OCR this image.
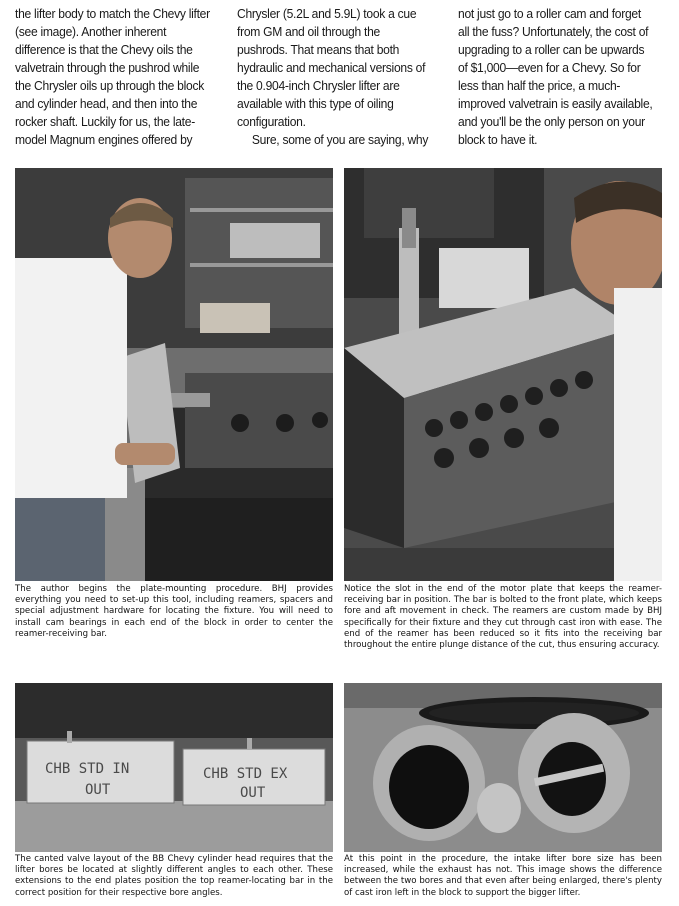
the lifter body to match the Chevy lifter (see image). Another inherent difference is that the Chevy oils the valvetrain through the pushrod while the Chrysler oils up through the block and cylinder head, and then into the rocker shaft. Luckily for us, the late-model Magnum engines offered by

Chrysler (5.2L and 5.9L) took a cue from GM and oil through the pushrods. That means that both hydraulic and mechanical versions of the 0.904-inch Chrysler lifter are available with this type of oiling configuration.

Sure, some of you are saying, why

not just go to a roller cam and forget all the fuss? Unfortunately, the cost of upgrading to a roller can be upwards of $1,000—even for a Chevy. So for less than half the price, a much-improved valvetrain is easily available, and you'll be the only person on your block to have it.

The author begins the plate-mounting procedure. BHJ provides everything you need to set-up this tool, including reamers, spacers and special adjustment hardware for locating the fixture. You will need to install cam bearings in each end of the block in order to center the reamer-receiving bar.

Notice the slot in the end of the motor plate that keeps the reamer-receiving bar in position. The bar is bolted to the front plate, which keeps fore and aft movement in check. The reamers are custom made by BHJ specifically for their fixture and they cut through cast iron with ease. The end of the reamer has been reduced so it fits into the receiving bar throughout the entire plunge distance of the cut, thus ensuring accuracy.

CHB STD IN
OUT
CHB STD EX
OUT

The canted valve layout of the BB Chevy cylinder head requires that the lifter bores be located at slightly different angles to each other. These extensions to the end plates position the top reamer-locating bar in the correct position for their respective bore angles.

At this point in the procedure, the intake lifter bore size has been increased, while the exhaust has not. This image shows the difference between the two bores and that even after being enlarged, there's plenty of cast iron left in the block to support the bigger lifter.
